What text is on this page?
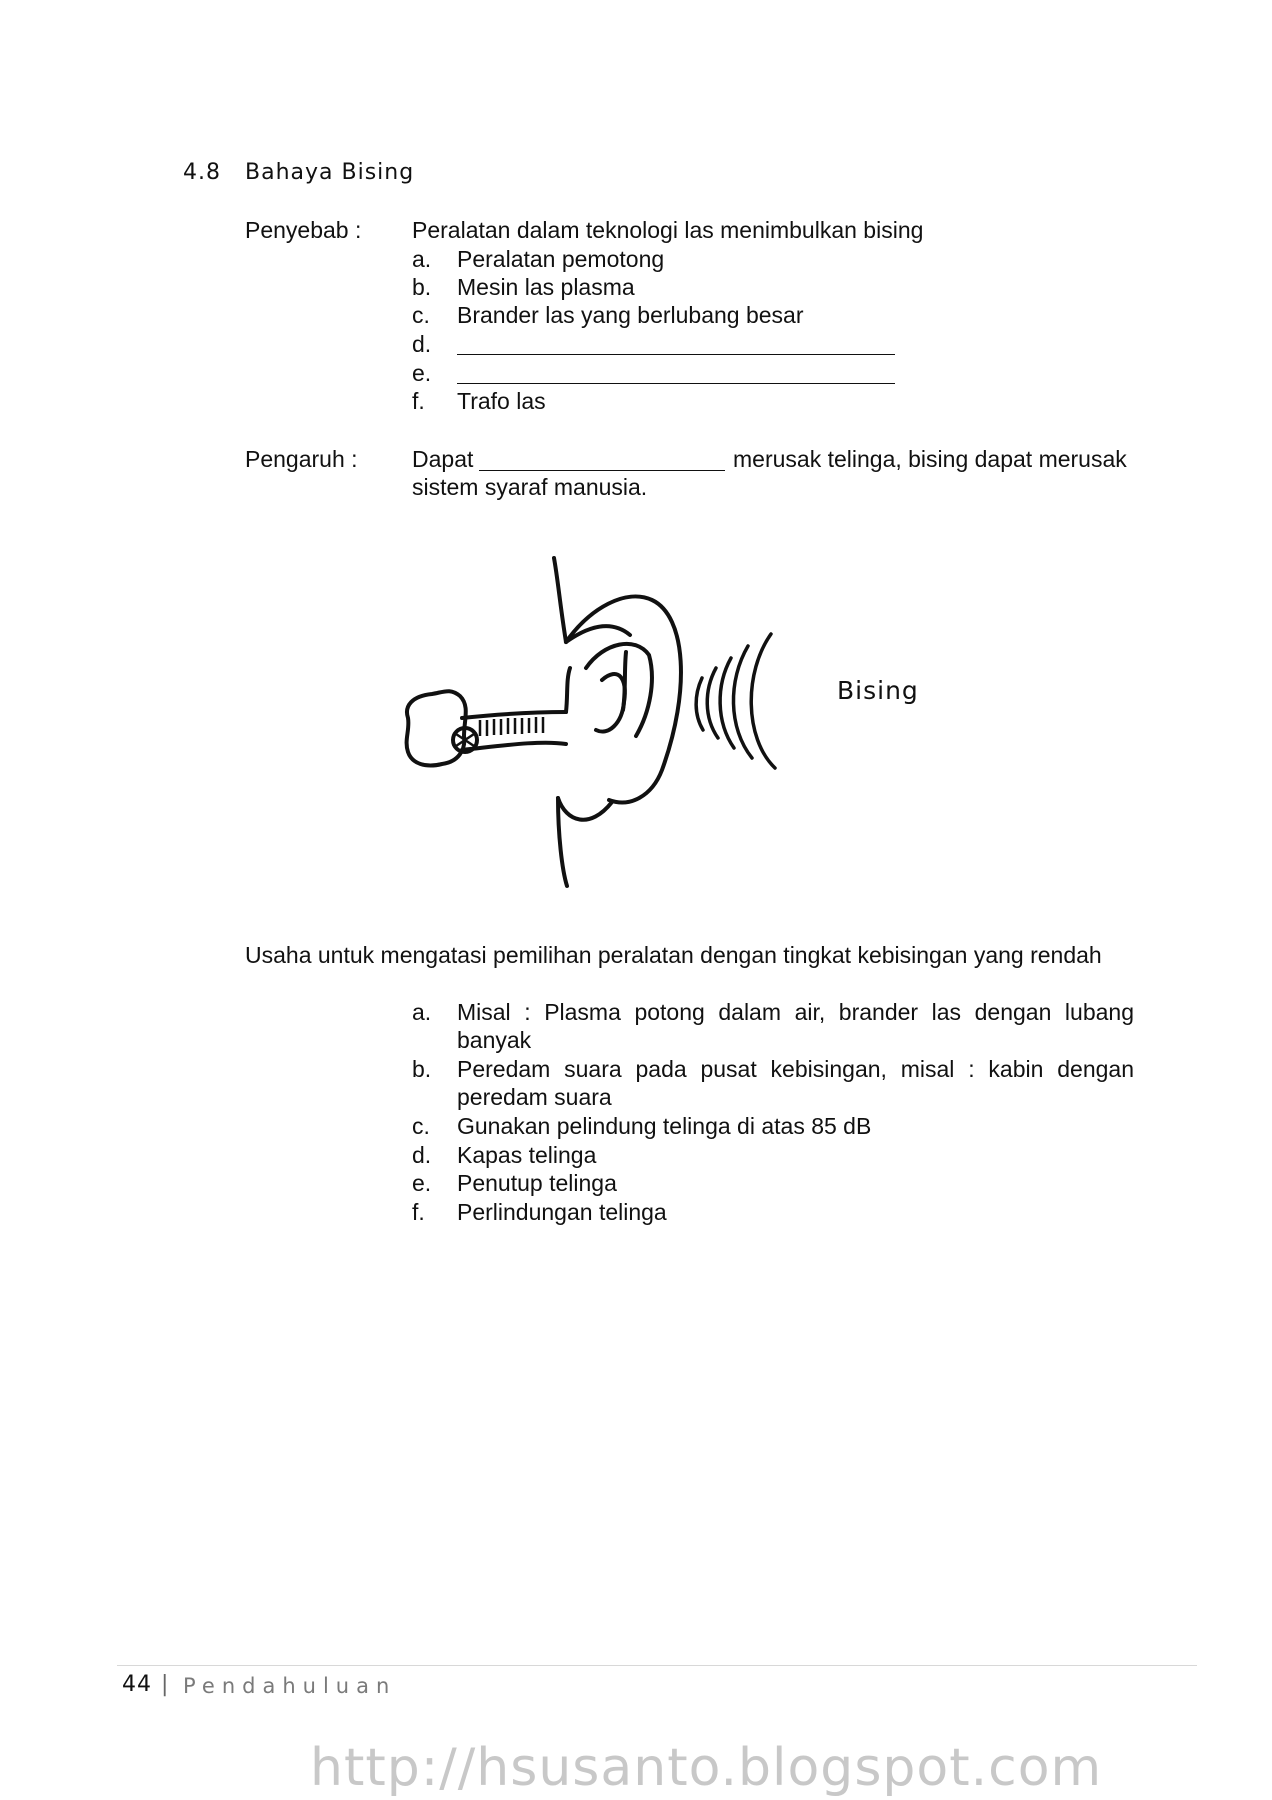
4.8 Bahaya Bising
Penyebab : Peralatan dalam teknologi las menimbulkan bising
a. Peralatan pemotong
b. Mesin las plasma
c. Brander las yang berlubang besar
d.
e.
f. Trafo las
Pengaruh : Dapat	merusak telinga, bising dapat merusak
sistem syaraf manusia.
Bising
Usaha untuk mengatasi pemilihan peralatan dengan tingkat kebisingan yang rendah
a. Misal : Plasma potong dalam air, brander las dengan lubang banyak
b. Peredam suara pada pusat kebisingan, misal : kabin dengan peredam suara
c. Gunakan pelindung telinga di atas 85 dB
d. Kapas telinga
e. Penutup telinga
f. Perlindungan telinga
44 | Pendahuluan
http://hsusanto.blogspot.com
